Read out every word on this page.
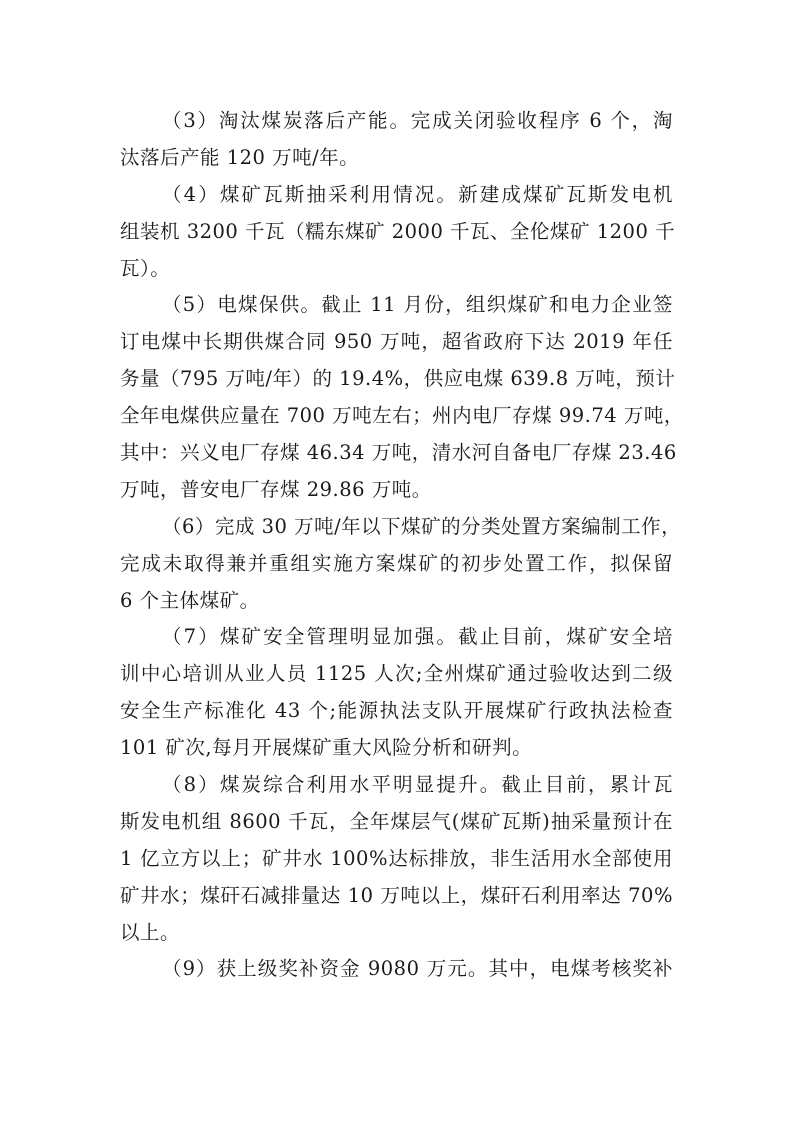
（3）淘汰煤炭落后产能。完成关闭验收程序 6 个，淘
汰落后产能 120 万吨/年。
（4）煤矿瓦斯抽采利用情况。新建成煤矿瓦斯发电机
组装机 3200 千瓦（糯东煤矿 2000 千瓦、全伦煤矿 1200 千
瓦）。
（5）电煤保供。截止 11 月份，组织煤矿和电力企业签
订电煤中长期供煤合同 950 万吨，超省政府下达 2019 年任
务量（795 万吨/年）的 19.4%，供应电煤 639.8 万吨，预计
全年电煤供应量在 700 万吨左右；州内电厂存煤 99.74 万吨，
其中：兴义电厂存煤 46.34 万吨，清水河自备电厂存煤 23.46
万吨，普安电厂存煤 29.86 万吨。
（6）完成 30 万吨/年以下煤矿的分类处置方案编制工作，
完成未取得兼并重组实施方案煤矿的初步处置工作，拟保留
6 个主体煤矿。
（7）煤矿安全管理明显加强。截止目前，煤矿安全培
训中心培训从业人员 1125 人次;全州煤矿通过验收达到二级
安全生产标准化 43 个;能源执法支队开展煤矿行政执法检查
101 矿次,每月开展煤矿重大风险分析和研判。
（8）煤炭综合利用水平明显提升。截止目前，累计瓦
斯发电机组 8600 千瓦，全年煤层气(煤矿瓦斯)抽采量预计在
1 亿立方以上；矿井水 100%达标排放，非生活用水全部使用
矿井水；煤矸石减排量达 10 万吨以上，煤矸石利用率达 70%
以上。
（9）获上级奖补资金 9080 万元。其中，电煤考核奖补
